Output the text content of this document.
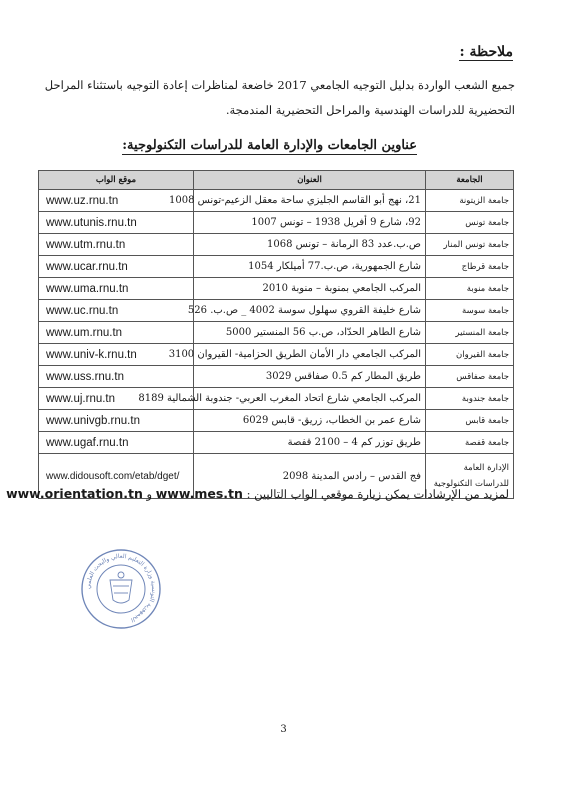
ملاحظة :
جميع الشعب الواردة بدليل التوجيه الجامعي 2017 خاضعة لمناظرات إعادة التوجيه باستثناء المراحل
التحضيرية للدراسات الهندسية والمراحل التحضيرية المندمجة.
عناوين الجامعات والإدارة العامة للدراسات التكنولوجية:
الجامعة	العنوان	موقع الواب
جامعة الزيتونة	21، نهج أبو القاسم الجليزي ساحة معقل الزعيم-تونس 1008	www.uz.rnu.tn
جامعة تونس	92، شارع 9 أفريل 1938 – تونس 1007	www.utunis.rnu.tn
جامعة تونس المنار	ص.ب.عدد 83 الرمانة – تونس 1068	www.utm.rnu.tn
جامعة قرطاج	شارع الجمهورية، ص.ب.77 أميلكار 1054	www.ucar.rnu.tn
جامعة منوبة	المركب الجامعي بمنوبة – منوبة 2010	www.uma.rnu.tn
جامعة سوسة	شارع خليفة القروي سهلول سوسة 4002 _ ص.ب. 526	www.uc.rnu.tn
جامعة المنستير	شارع الطاهر الحدّاد، ص.ب 56 المنستير 5000	www.um.rnu.tn
جامعة القيروان	المركب الجامعي دار الأمان الطريق الحزامية- القيروان 3100	www.univ-k.rnu.tn
جامعة صفاقس	طريق المطار كم 0.5 صفاقس 3029	www.uss.rnu.tn
جامعة جندوبة	المركب الجامعي شارع اتحاد المغرب العربي- جندوبة الشمالية 8189	www.uj.rnu.tn
جامعة قابس	شارع عمر بن الخطاب، زريق- قابس 6029	www.univgb.rnu.tn
جامعة قفصة	طريق توزر كم 4 – 2100 قفصة	www.ugaf.rnu.tn
الإدارة العامة للدراسات التكنولوجية	فج القدس – رادس المدينة 2098	www.didousoft.com/etab/dget/
لمزيد من الإرشادات يمكن زيارة موقعي الواب التاليين : www.mes.tn و www.orientation.tn
الجمهورية التونسية وزارة التعليم العالي والبحث العلمي
3
